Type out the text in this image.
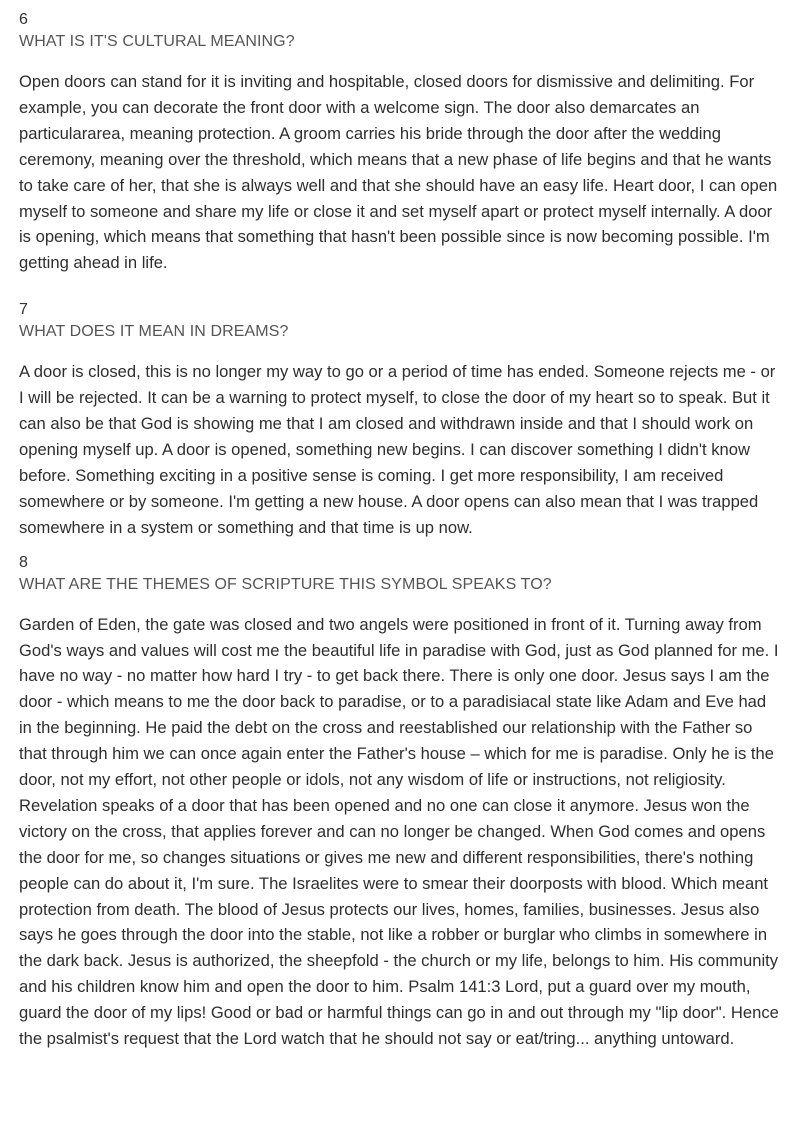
6
WHAT IS IT'S CULTURAL MEANING?

Open doors can stand for it is inviting and hospitable, closed doors for dismissive and delimiting. For example, you can decorate the front door with a welcome sign. The door also demarcates an particulararea, meaning protection. A groom carries his bride through the door after the wedding ceremony, meaning over the threshold, which means that a new phase of life begins and that he wants to take care of her, that she is always well and that she should have an easy life. Heart door, I can open myself to someone and share my life or close it and set myself apart or protect myself internally. A door is opening, which means that something that hasn't been possible since is now becoming possible. I'm getting ahead in life.

7
WHAT DOES IT MEAN IN DREAMS?

A door is closed, this is no longer my way to go or a period of time has ended. Someone rejects me - or I will be rejected. It can be a warning to protect myself, to close the door of my heart so to speak. But it can also be that God is showing me that I am closed and withdrawn inside and that I should work on opening myself up. A door is opened, something new begins. I can discover something I didn't know before. Something exciting in a positive sense is coming. I get more responsibility, I am received somewhere or by someone. I'm getting a new house. A door opens can also mean that I was trapped somewhere in a system or something and that time is up now.

8
WHAT ARE THE THEMES OF SCRIPTURE THIS SYMBOL SPEAKS TO?

Garden of Eden, the gate was closed and two angels were positioned in front of it. Turning away from God's ways and values will cost me the beautiful life in paradise with God, just as God planned for me. I have no way - no matter how hard I try - to get back there. There is only one door. Jesus says I am the door - which means to me the door back to paradise, or to a paradisiacal state like Adam and Eve had in the beginning. He paid the debt on the cross and reestablished our relationship with the Father so that through him we can once again enter the Father's house – which for me is paradise. Only he is the door, not my effort, not other people or idols, not any wisdom of life or instructions, not religiosity. Revelation speaks of a door that has been opened and no one can close it anymore. Jesus won the victory on the cross, that applies forever and can no longer be changed. When God comes and opens the door for me, so changes situations or gives me new and different responsibilities, there's nothing people can do about it, I'm sure. The Israelites were to smear their doorposts with blood. Which meant protection from death. The blood of Jesus protects our lives, homes, families, businesses. Jesus also says he goes through the door into the stable, not like a robber or burglar who climbs in somewhere in the dark back. Jesus is authorized, the sheepfold - the church or my life, belongs to him. His community and his children know him and open the door to him. Psalm 141:3 Lord, put a guard over my mouth, guard the door of my lips! Good or bad or harmful things can go in and out through my "lip door". Hence the psalmist's request that the Lord watch that he should not say or eat/tring... anything untoward.
